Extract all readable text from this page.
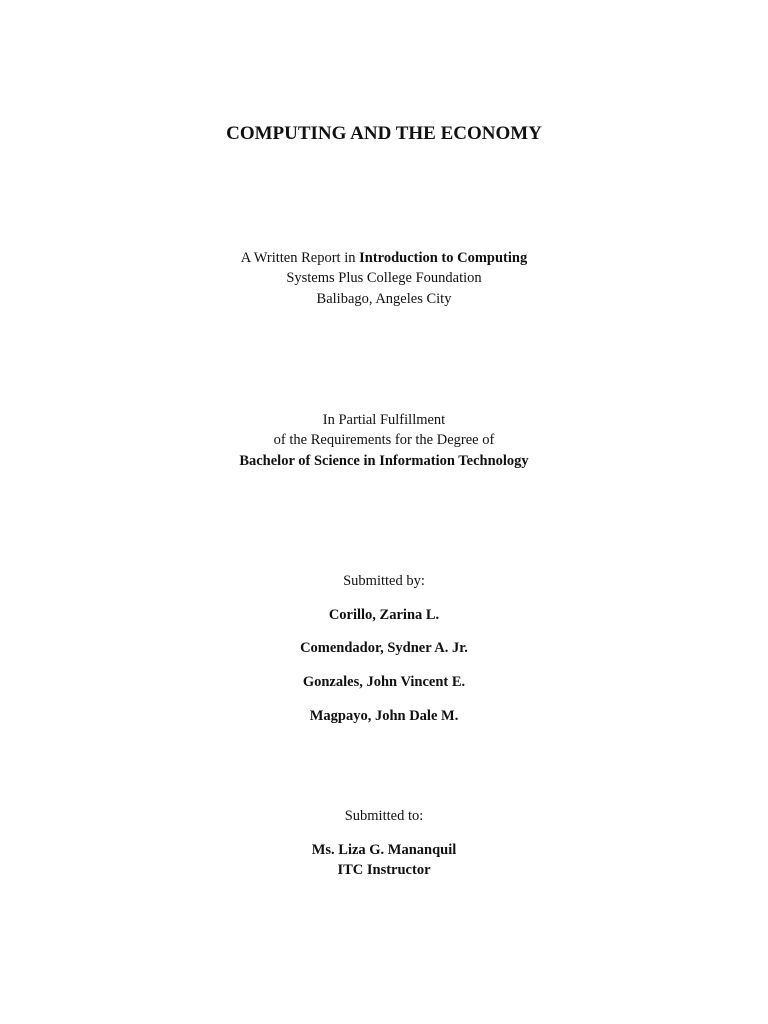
COMPUTING AND THE ECONOMY
A Written Report in Introduction to Computing
Systems Plus College Foundation
Balibago, Angeles City
In Partial Fulfillment
of the Requirements for the Degree of
Bachelor of Science in Information Technology
Submitted by:
Corillo, Zarina L.
Comendador, Sydner A. Jr.
Gonzales, John Vincent E.
Magpayo, John Dale M.
Submitted to:
Ms. Liza G. Mananquil
ITC Instructor
